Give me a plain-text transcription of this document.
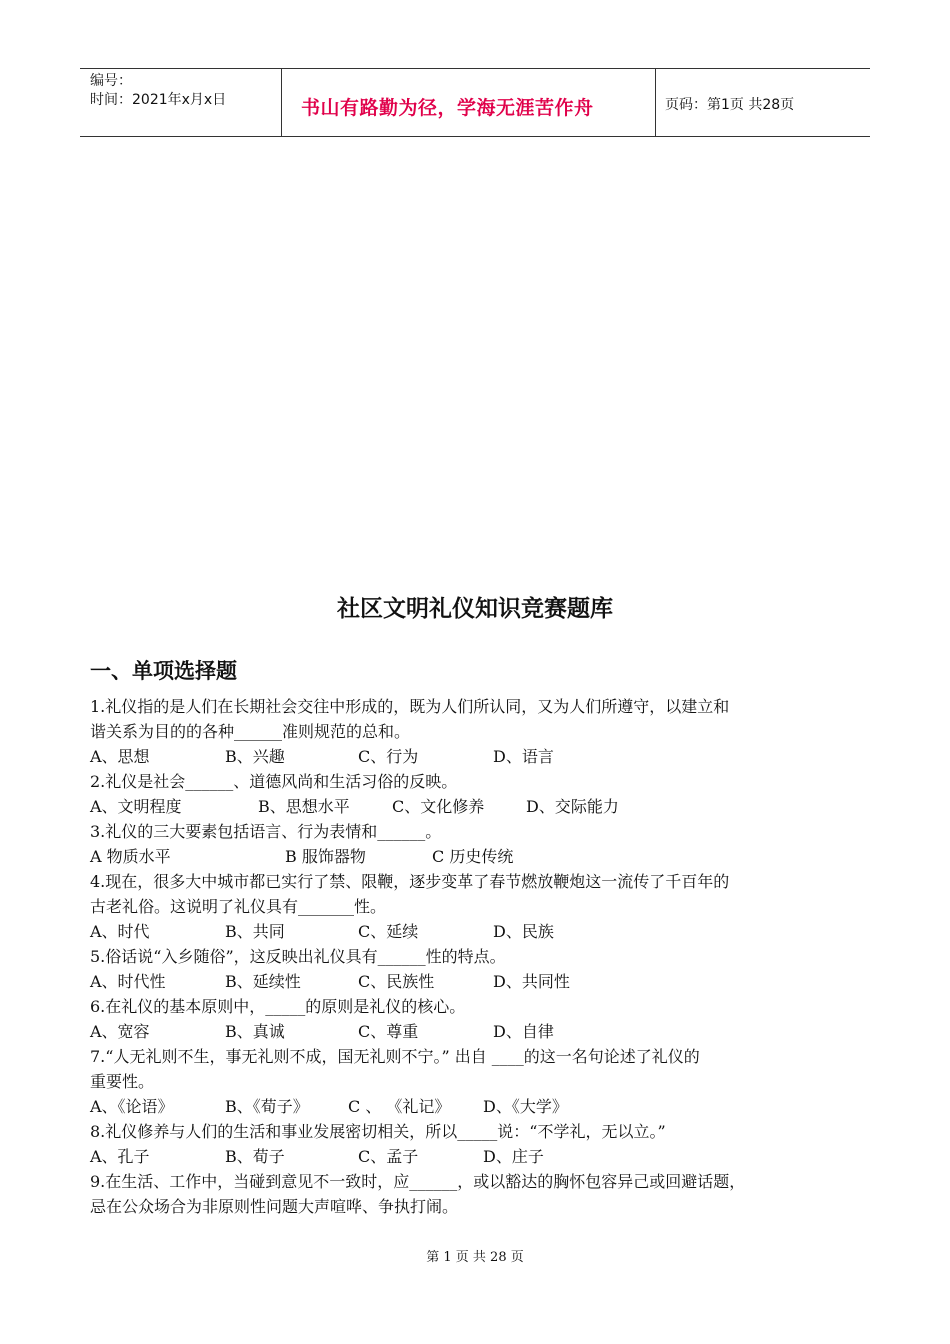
编号：
时间：2021年x月x日	书山有路勤为径，学海无涯苦作舟	页码：第1页 共28页
社区文明礼仪知识竞赛题库
一、单项选择题
1.礼仪指的是人们在长期社会交往中形成的，既为人们所认同，又为人们所遵守，以建立和
谐关系为目的的各种______准则规范的总和。
A、思想	B、兴趣	C、行为	D、语言
2.礼仪是社会______、道德风尚和生活习俗的反映。
A、文明程度	B、思想水平	C、文化修养	D、交际能力
3.礼仪的三大要素包括语言、行为表情和______。
A 物质水平	B 服饰器物	C 历史传统
4.现在，很多大中城市都已实行了禁、限鞭，逐步变革了春节燃放鞭炮这一流传了千百年的
古老礼俗。这说明了礼仪具有_______性。
A、时代	B、共同	C、延续	D、民族
5.俗话说“入乡随俗”，这反映出礼仪具有______性的特点。
A、时代性	B、延续性	C、民族性	D、共同性
6.在礼仪的基本原则中，_____的原则是礼仪的核心。
A、宽容	B、真诚	C、尊重	D、自律
7.“人无礼则不生，事无礼则不成，国无礼则不宁。” 出自 ____的这一名句论述了礼仪的
重要性。
A、《论语》	B、《荀子》 C 、 《礼记》 D、《大学》
8.礼仪修养与人们的生活和事业发展密切相关，所以_____说：“不学礼，无以立。”
A、孔子	B、荀子	C、孟子	D、庄子
9.在生活、工作中，当碰到意见不一致时，应______，或以豁达的胸怀包容异己或回避话题，
忌在公众场合为非原则性问题大声喧哗、争执打闹。
第 1 页 共 28 页
